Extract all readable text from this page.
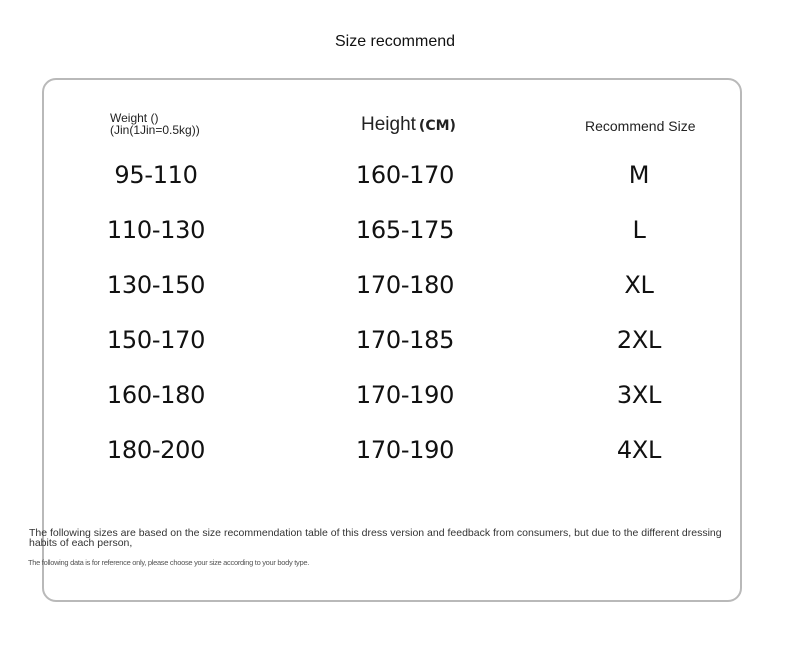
Size recommend
Weight ()
(Jin(1Jin=0.5kg))	Height (CM)	Recommend Size
95-110	160-170	M
110-130	165-175	L
130-150	170-180	XL
150-170	170-185	2XL
160-180	170-190	3XL
180-200	170-190	4XL
The following sizes are based on the size recommendation table of this dress version and feedback from consumers, but due to the different dressing habits of each person,
The following data is for reference only, please choose your size according to your body type.
